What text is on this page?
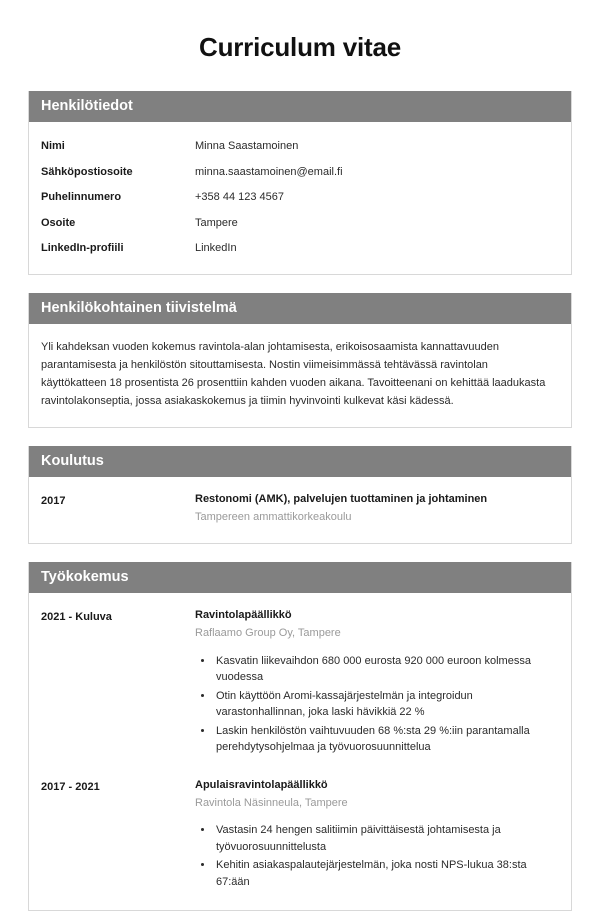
Curriculum vitae
Henkilötiedot
Nimi	Minna Saastamoinen
Sähköpostiosoite	minna.saastamoinen@email.fi
Puhelinnumero	+358 44 123 4567
Osoite	Tampere
LinkedIn-profiili	LinkedIn
Henkilökohtainen tiivistelmä

Yli kahdeksan vuoden kokemus ravintola-alan johtamisesta, erikoisosaamista kannattavuuden parantamisesta ja henkilöstön sitouttamisesta. Nostin viimeisimmässä tehtävässä ravintolan käyttökatteen 18 prosentista 26 prosenttiin kahden vuoden aikana. Tavoitteenani on kehittää laadukasta ravintolakonseptia, jossa asiakaskokemus ja tiimin hyvinvointi kulkevat käsi kädessä.

Koulutus
2017	Restonomi (AMK), palvelujen tuottaminen ja johtaminen
Tampereen ammattikorkeakoulu
Työkokemus
2021 - Kuluva	Ravintolapäällikkö
Raflaamo Group Oy, Tampere
• Kasvatin liikevaihdon 680 000 eurosta 920 000 euroon kolmessa vuodessa
• Otin käyttöön Aromi-kassajärjestelmän ja integroidun varastonhallinnan, joka laski hävikkiä 22 %
• Laskin henkilöstön vaihtuvuuden 68 %:sta 29 %:iin parantamalla perehdytysohjelmaa ja työvuorosuunnittelua
2017 - 2021	Apulaisravintolapäällikkö
Ravintola Näsinneula, Tampere
• Vastasin 24 hengen salitiimin päivittäisestä johtamisesta ja työvuorosuunnittelusta
• Kehitin asiakaspalautejärjestelmän, joka nosti NPS-lukua 38:sta 67:ään
